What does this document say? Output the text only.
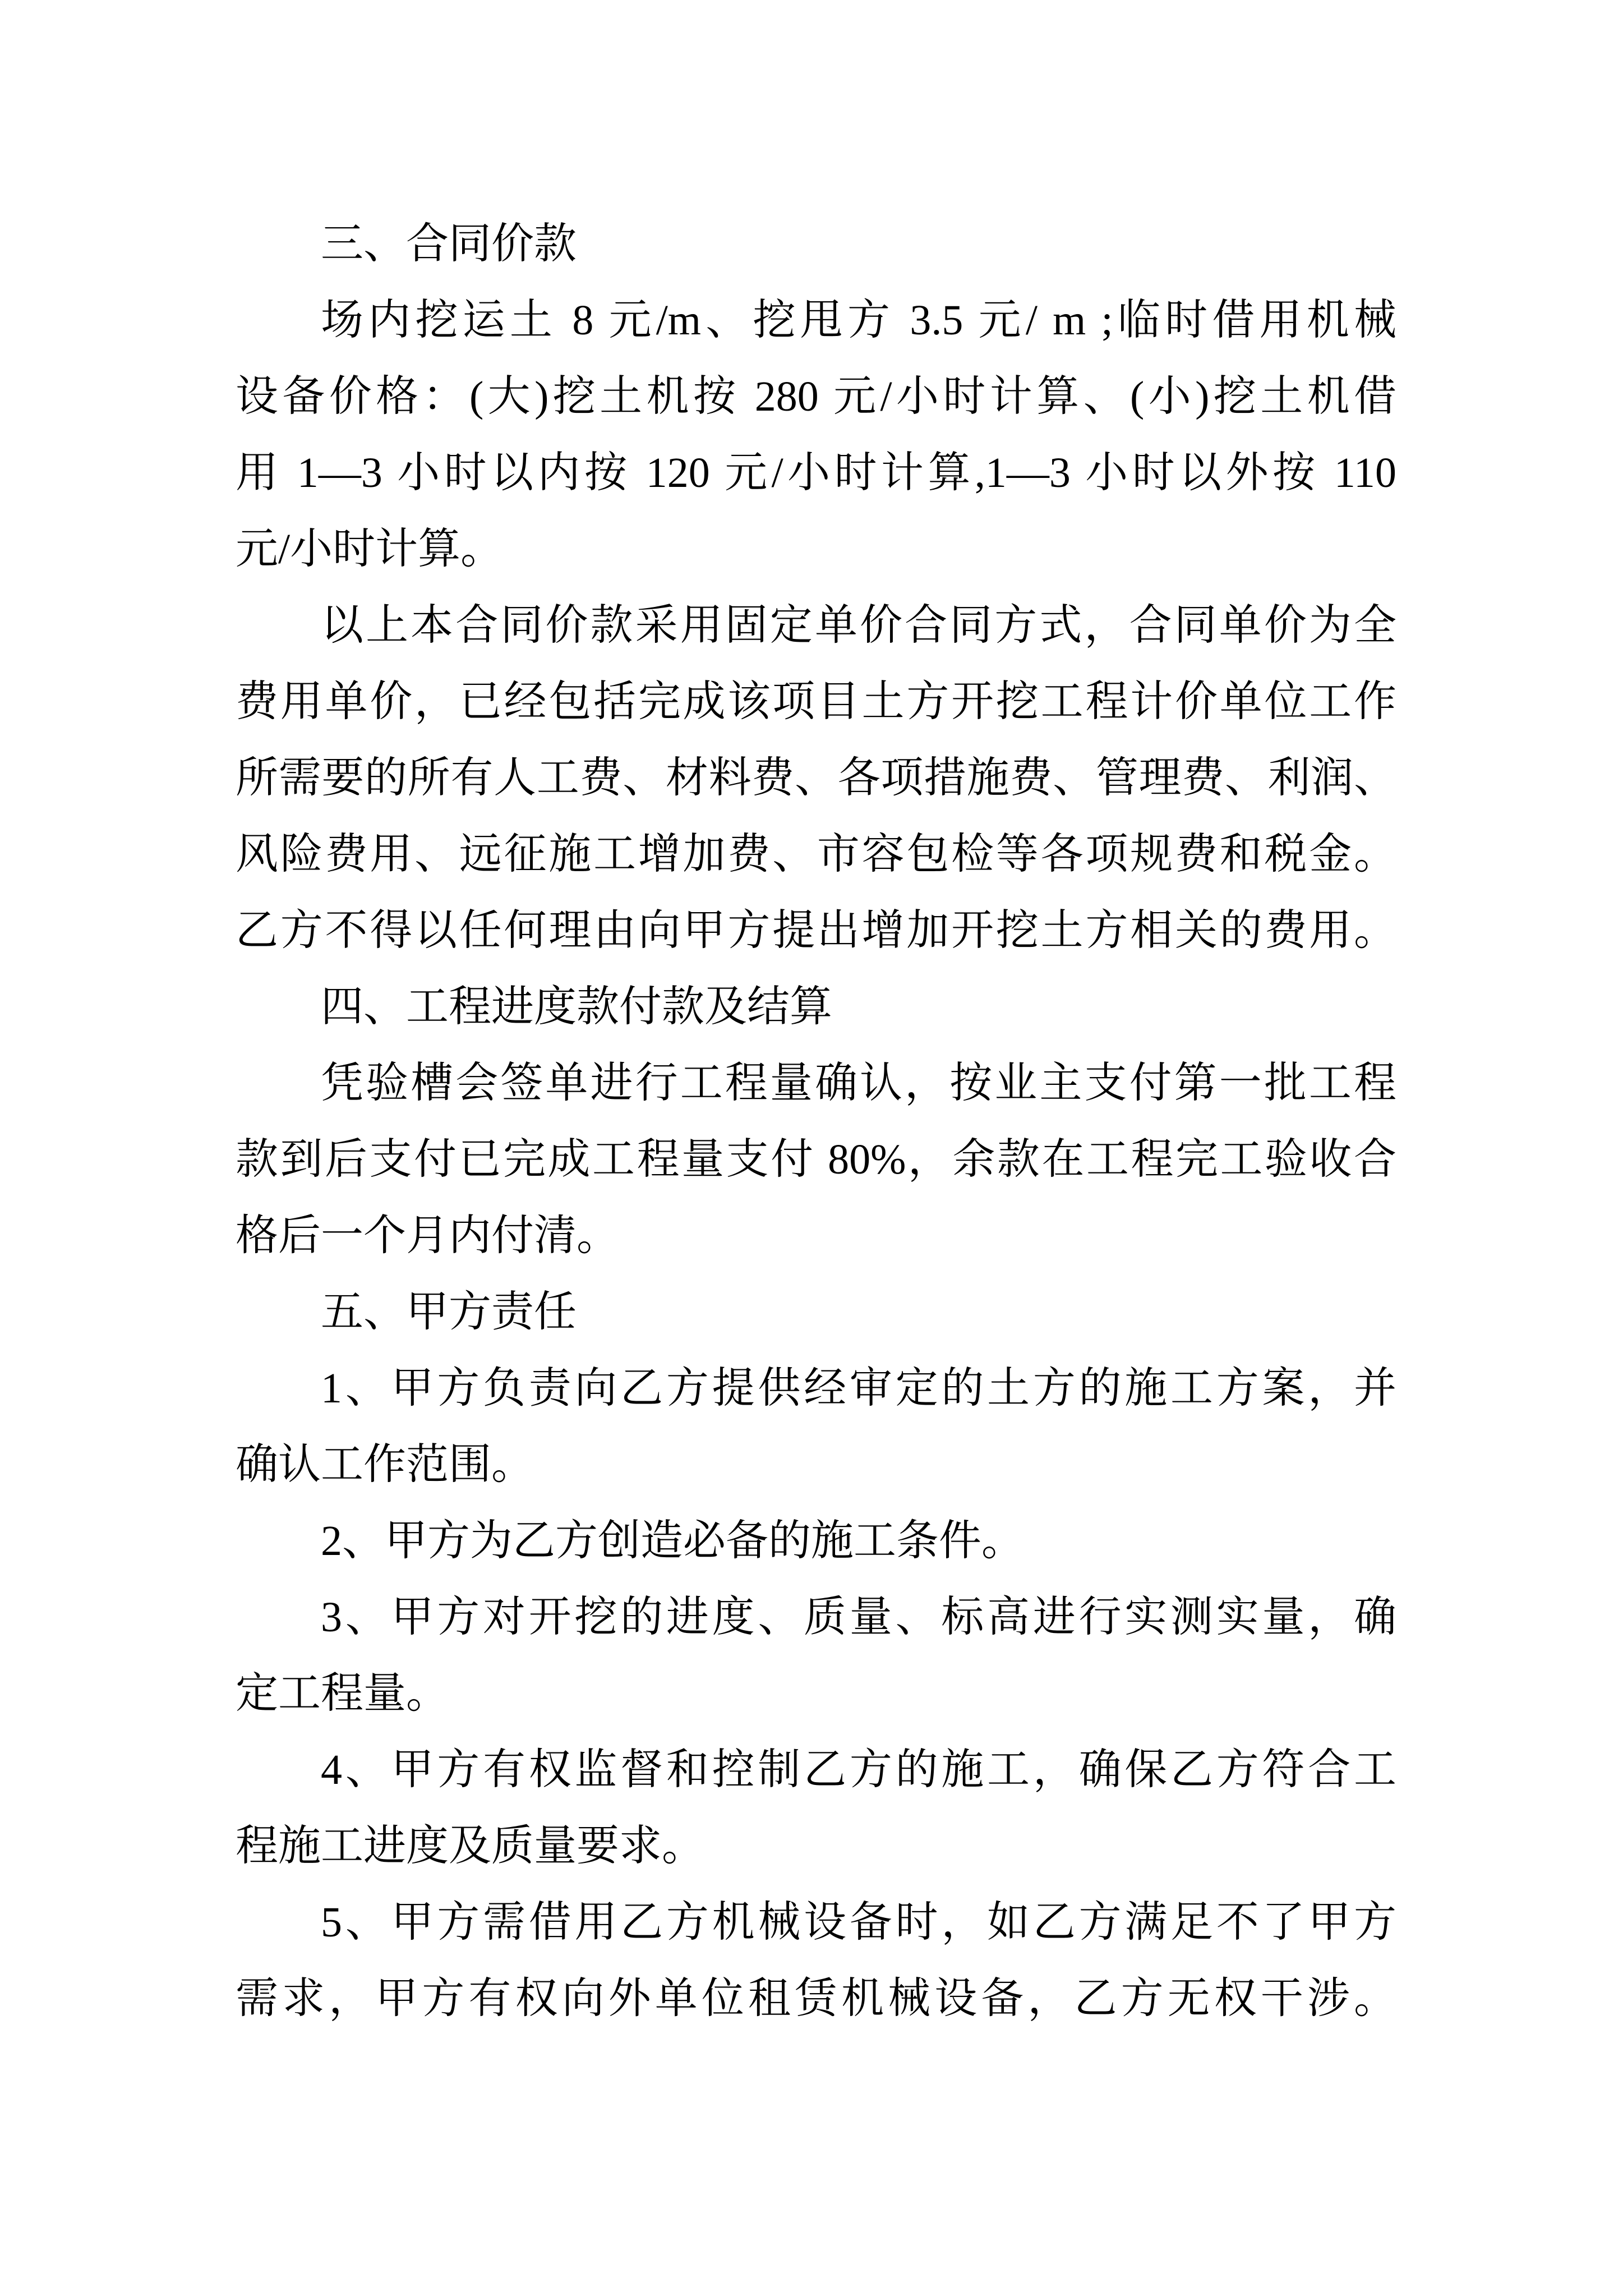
三、合同价款
场内挖运土 8 元/m、挖甩方 3.5 元/ m ;临时借用机械
设备价格：(大)挖土机按 280 元/小时计算、(小)挖土机借
用 1—3 小时以内按 120 元/小时计算,1—3 小时以外按 110
元/小时计算。
以上本合同价款采用固定单价合同方式，合同单价为全
费用单价，已经包括完成该项目土方开挖工程计价单位工作
所需要的所有人工费、材料费、各项措施费、管理费、利润、
风险费用、远征施工增加费、市容包检等各项规费和税金。
乙方不得以任何理由向甲方提出增加开挖土方相关的费用。
四、工程进度款付款及结算
凭验槽会签单进行工程量确认，按业主支付第一批工程
款到后支付已完成工程量支付 80%，余款在工程完工验收合
格后一个月内付清。
五、甲方责任
1、甲方负责向乙方提供经审定的土方的施工方案，并
确认工作范围。
2、甲方为乙方创造必备的施工条件。
3、甲方对开挖的进度、质量、标高进行实测实量，确
定工程量。
4、甲方有权监督和控制乙方的施工，确保乙方符合工
程施工进度及质量要求。
5、甲方需借用乙方机械设备时，如乙方满足不了甲方
需求，甲方有权向外单位租赁机械设备，乙方无权干涉。
